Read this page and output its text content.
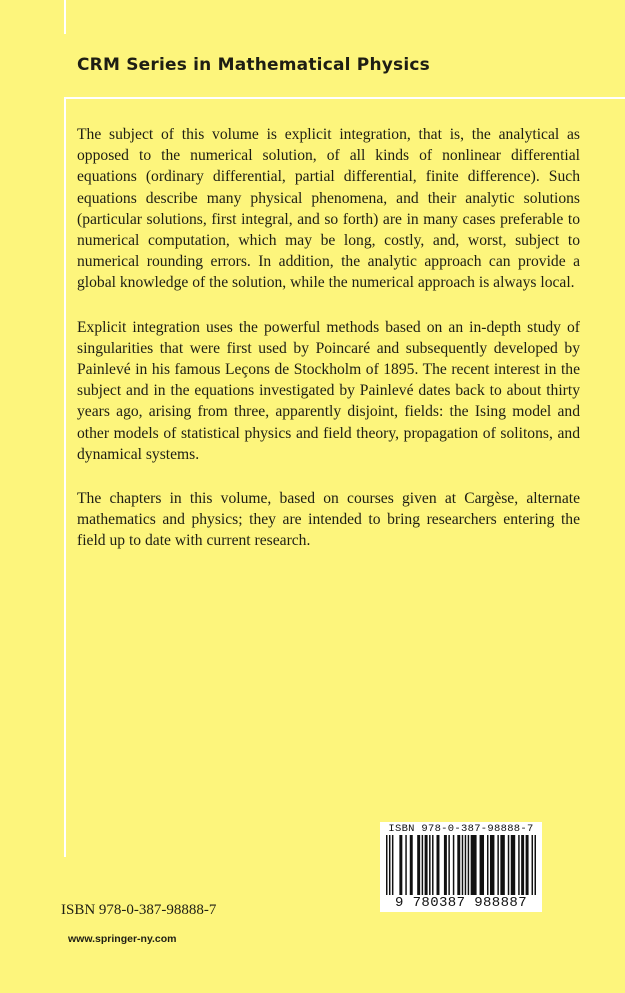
CRM Series in Mathematical Physics

The subject of this volume is explicit integration, that is, the analytical as opposed to the numerical solution, of all kinds of nonlinear differential equations (ordinary differential, partial differential, finite difference). Such equations describe many physical phenomena, and their analytic solutions (particular solutions, first integral, and so forth) are in many cases preferable to numerical computation, which may be long, costly, and, worst, subject to numerical rounding errors. In addition, the analytic approach can provide a global knowledge of the solution, while the numerical approach is always local.

Explicit integration uses the powerful methods based on an in-depth study of singularities that were first used by Poincaré and subsequently developed by Painlevé in his famous Leçons de Stockholm of 1895. The recent interest in the subject and in the equations investigated by Painlevé dates back to about thirty years ago, arising from three, apparently disjoint, fields: the Ising model and other models of statistical physics and field theory, propagation of solitons, and dynamical systems.

The chapters in this volume, based on courses given at Cargèse, alternate mathematics and physics; they are intended to bring researchers entering the field up to date with current research.

ISBN 978-0-387-98888-7
9 780387 988887
ISBN 978-0-387-98888-7
www.springer-ny.com
